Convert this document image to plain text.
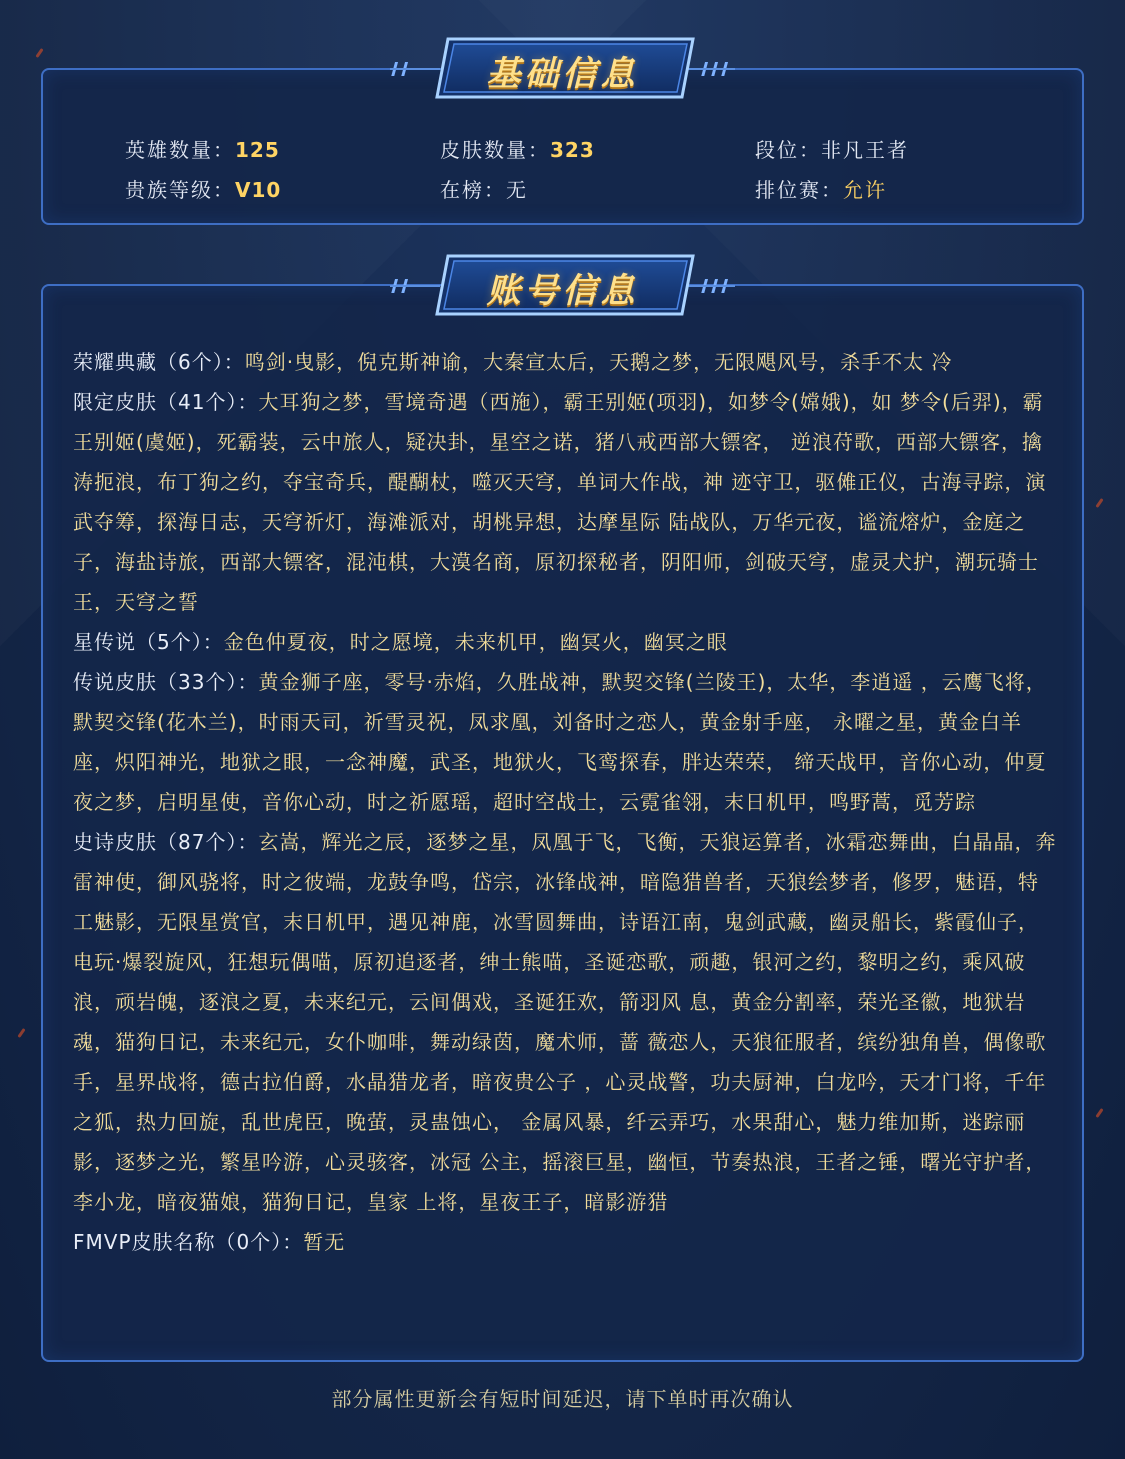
英雄数量：125	皮肤数量：323	段位：非凡王者
贵族等级：V10	在榜：无	排位赛：允许
基础信息
账号信息
荣耀典藏（6个）：鸣剑·曳影，倪克斯神谕，大秦宣太后，天鹅之梦，无限飓风号，杀手不太 冷
限定皮肤（41个）：大耳狗之梦，雪境奇遇（西施），霸王别姬(项羽)，如梦令(嫦娥)，如 梦令(后羿)，霸王别姬(虞姬)，死霸装，云中旅人，疑决卦，星空之诺，猪八戒西部大镖客， 逆浪苻歌，西部大镖客，擒涛扼浪，布丁狗之约，夺宝奇兵，醍醐杖，噬灭天穹，单词大作战，神 迹守卫，驱傩正仪，古海寻踪，演武夺筹，探海日志，天穹祈灯，海滩派对，胡桃异想，达摩星际 陆战队，万华元夜，谧流熔炉，金庭之子，海盐诗旅，西部大镖客，混沌棋，大漠名商，原初探秘者，阴阳师，剑破天穹，虚灵犬护，潮玩骑士王，天穹之誓
星传说（5个）：金色仲夏夜，时之愿境，未来机甲，幽冥火，幽冥之眼
传说皮肤（33个）：黄金狮子座，零号·赤焰，久胜战神，默契交锋(兰陵王)，太华，李逍遥 ，云鹰飞将，默契交锋(花木兰)，时雨天司，祈雪灵祝，凤求凰，刘备时之恋人，黄金射手座， 永曜之星，黄金白羊座，炽阳神光，地狱之眼，一念神魔，武圣，地狱火，飞鸾探春，胖达荣荣， 缔天战甲，音你心动，仲夏夜之梦，启明星使，音你心动，时之祈愿瑶，超时空战士，云霓雀翎，末日机甲，鸣野蒿，觅芳踪
史诗皮肤（87个）：玄嵩，辉光之辰，逐梦之星，凤凰于飞，飞衡，天狼运算者，冰霜恋舞曲，白晶晶，奔雷神使，御风骁将，时之彼端，龙鼓争鸣，岱宗，冰锋战神，暗隐猎兽者，天狼绘梦者，修罗，魅语，特工魅影，无限星赏官，末日机甲，遇见神鹿，冰雪圆舞曲，诗语江南，鬼剑武藏，幽灵船长，紫霞仙子，电玩·爆裂旋风，狂想玩偶喵，原初追逐者，绅士熊喵，圣诞恋歌，顽趣，银河之约，黎明之约，乘风破浪，顽岩魄，逐浪之夏，未来纪元，云间偶戏，圣诞狂欢，箭羽风 息，黄金分割率，荣光圣徽，地狱岩魂，猫狗日记，未来纪元，女仆咖啡，舞动绿茵，魔术师，蔷 薇恋人，天狼征服者，缤纷独角兽，偶像歌手，星界战将，德古拉伯爵，水晶猎龙者，暗夜贵公子 ，心灵战警，功夫厨神，白龙吟，天才门将，千年之狐，热力回旋，乱世虎臣，晚萤，灵蛊蚀心， 金属风暴，纤云弄巧，水果甜心，魅力维加斯，迷踪丽影，逐梦之光，繁星吟游，心灵骇客，冰冠 公主，摇滚巨星，幽恒，节奏热浪，王者之锤，曙光守护者，李小龙，暗夜猫娘，猫狗日记，皇家 上将，星夜王子，暗影游猎
FMVP皮肤名称（0个）：暂无
部分属性更新会有短时间延迟，请下单时再次确认
